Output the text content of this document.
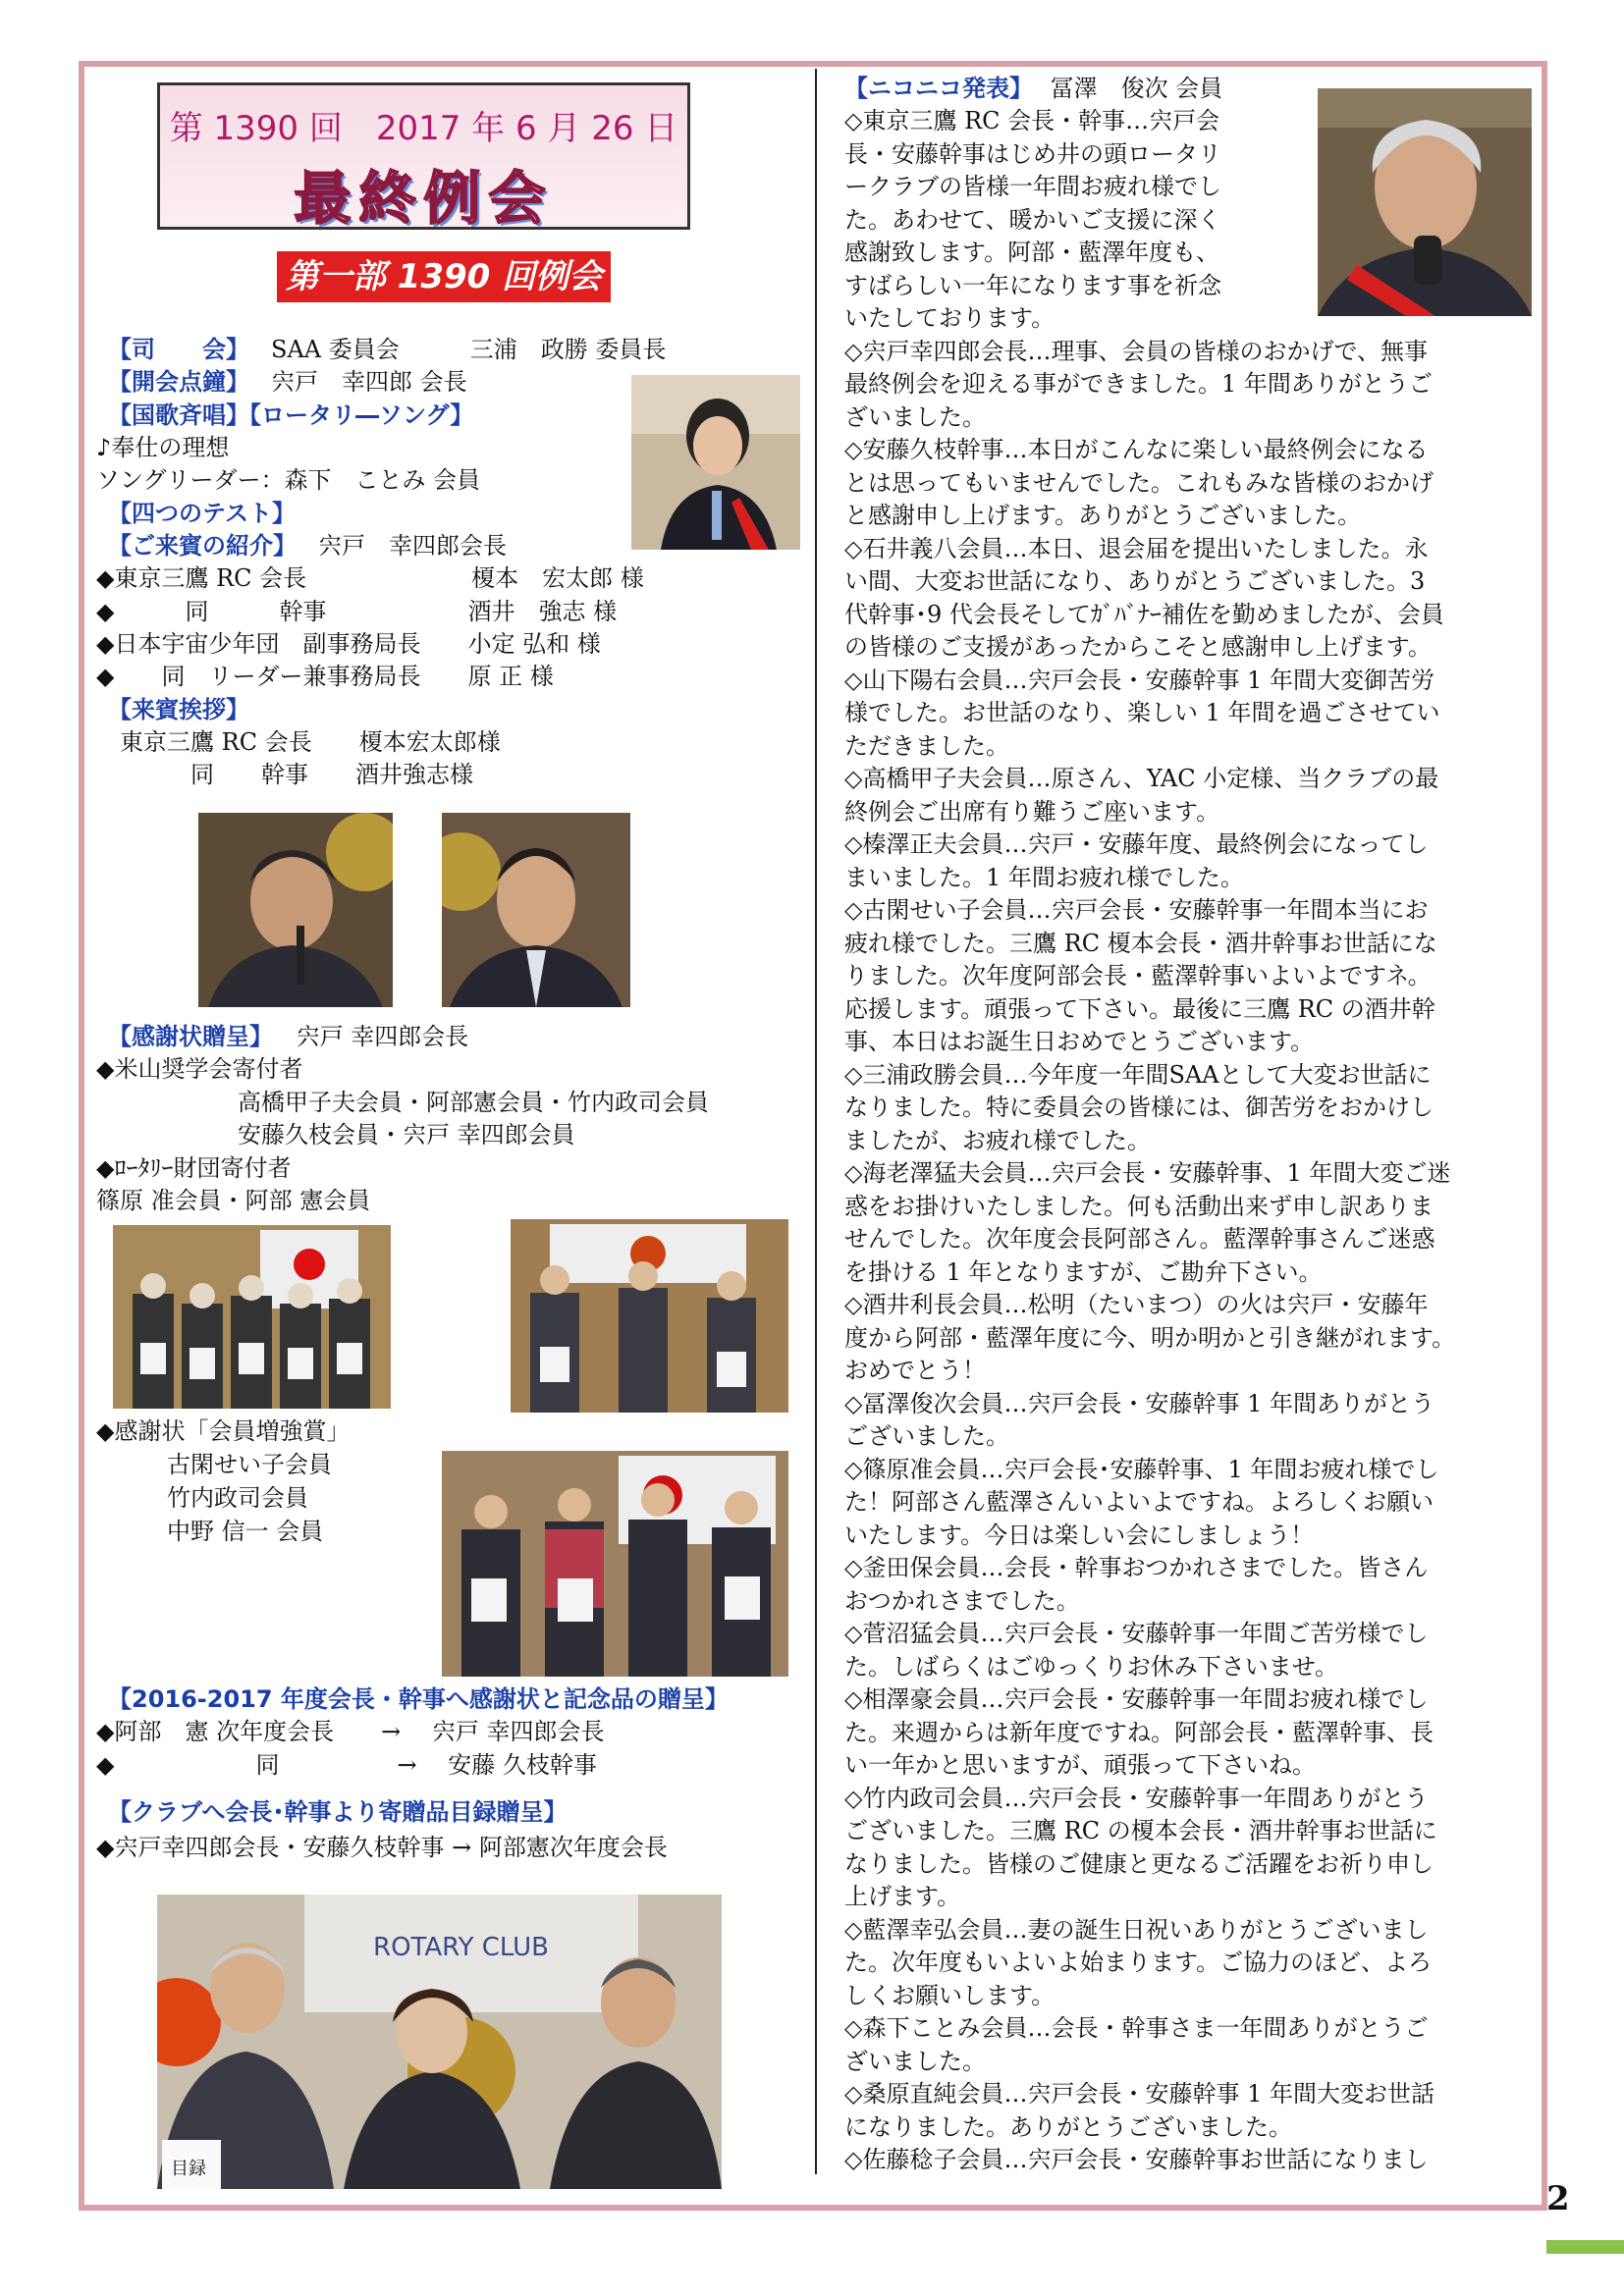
第 1390 回　2017 年 6 月 26 日
最終例会
第一部 1390 回例会
【司　　会】 SAA 委員会　　　三浦　政勝 委員長
【開会点鐘】 宍戸　幸四郎 会長
【国歌斉唱】【ロータリ―ソング】
♪奉仕の理想
ソングリーダー：森下　ことみ 会員
【四つのテスト】
【ご来賓の紹介】 宍戸　幸四郎会長
◆東京三鷹 RC 会長　　　　　　　榎本　宏太郎 様
◆　　　同　　　幹事　　　　　　酒井　強志 様
◆日本宇宙少年団　副事務局長　　小定 弘和 様
◆　　同　リーダー兼事務局長　　原 正 様
【来賓挨拶】
　東京三鷹 RC 会長　　榎本宏太郎様
　　　　同　　幹事　　酒井強志様
ROTARY CLUB
目録
【感謝状贈呈】 宍戸 幸四郎会長
◆米山奨学会寄付者
　　　　　　高橋甲子夫会員・阿部憲会員・竹内政司会員
　　　　　　安藤久枝会員・宍戸 幸四郎会員
◆ﾛｰﾀﾘｰ財団寄付者
篠原 准会員・阿部 憲会員
◆感謝状「会員増強賞」
　　　古閑せい子会員
　　　竹内政司会員
　　　中野 信一 会員
【2016-2017 年度会長・幹事へ感謝状と記念品の贈呈】
◆阿部　憲 次年度会長　　→　 宍戸 幸四郎会長
◆　　　　　　同　　　　　→　 安藤 久枝幹事
【クラブへ会長･幹事より寄贈品目録贈呈】
◆宍戸幸四郎会長・安藤久枝幹事 → 阿部憲次年度会長
【ニコニコ発表】 冨澤　俊次 会員
◇東京三鷹 RC 会長・幹事…宍戸会
長・安藤幹事はじめ井の頭ロータリ
ークラブの皆様一年間お疲れ様でし
た。あわせて、暖かいご支援に深く
感謝致します。阿部・藍澤年度も、
すばらしい一年になります事を祈念
いたしております。
◇宍戸幸四郎会長…理事、会員の皆様のおかげで、無事
最終例会を迎える事ができました。1 年間ありがとうご
ざいました。
◇安藤久枝幹事…本日がこんなに楽しい最終例会になる
とは思ってもいませんでした。これもみな皆様のおかげ
と感謝申し上げます。ありがとうございました。
◇石井義八会員…本日、退会届を提出いたしました。永
い間、大変お世話になり、ありがとうございました。3
代幹事･9 代会長そしてｶﾞﾊﾞﾅｰ補佐を勤めましたが、会員
の皆様のご支援があったからこそと感謝申し上げます。
◇山下陽右会員…宍戸会長・安藤幹事 1 年間大変御苦労
様でした。お世話のなり、楽しい 1 年間を過ごさせてい
ただきました。
◇高橋甲子夫会員…原さん、YAC 小定様、当クラブの最
終例会ご出席有り難うご座います。
◇榛澤正夫会員…宍戸・安藤年度、最終例会になってし
まいました。1 年間お疲れ様でした。
◇古閑せい子会員…宍戸会長・安藤幹事一年間本当にお
疲れ様でした。三鷹 RC 榎本会長・酒井幹事お世話にな
りました。次年度阿部会長・藍澤幹事いよいよですネ。
応援します。頑張って下さい。最後に三鷹 RC の酒井幹
事、本日はお誕生日おめでとうございます。
◇三浦政勝会員…今年度一年間SAAとして大変お世話に
なりました。特に委員会の皆様には、御苦労をおかけし
ましたが、お疲れ様でした。
◇海老澤猛夫会員…宍戸会長・安藤幹事、1 年間大変ご迷
惑をお掛けいたしました。何も活動出来ず申し訳ありま
せんでした。次年度会長阿部さん。藍澤幹事さんご迷惑
を掛ける 1 年となりますが、ご勘弁下さい。
◇酒井利長会員…松明（たいまつ）の火は宍戸・安藤年
度から阿部・藍澤年度に今、明か明かと引き継がれます。
おめでとう！
◇冨澤俊次会員…宍戸会長・安藤幹事 1 年間ありがとう
ございました。
◇篠原准会員…宍戸会長･安藤幹事、1 年間お疲れ様でし
た！阿部さん藍澤さんいよいよですね。よろしくお願い
いたします。今日は楽しい会にしましょう！
◇釜田保会員…会長・幹事おつかれさまでした。皆さん
おつかれさまでした。
◇菅沼猛会員…宍戸会長・安藤幹事一年間ご苦労様でし
た。しばらくはごゆっくりお休み下さいませ。
◇相澤豪会員…宍戸会長・安藤幹事一年間お疲れ様でし
た。来週からは新年度ですね。阿部会長・藍澤幹事、長
い一年かと思いますが、頑張って下さいね。
◇竹内政司会員…宍戸会長・安藤幹事一年間ありがとう
ございました。三鷹 RC の榎本会長・酒井幹事お世話に
なりました。皆様のご健康と更なるご活躍をお祈り申し
上げます。
◇藍澤幸弘会員…妻の誕生日祝いありがとうございまし
た。次年度もいよいよ始まります。ご協力のほど、よろ
しくお願いします。
◇森下ことみ会員…会長・幹事さま一年間ありがとうご
ざいました。
◇桑原直純会員…宍戸会長・安藤幹事 1 年間大変お世話
になりました。ありがとうございました。
◇佐藤稔子会員…宍戸会長・安藤幹事お世話になりまし
2
